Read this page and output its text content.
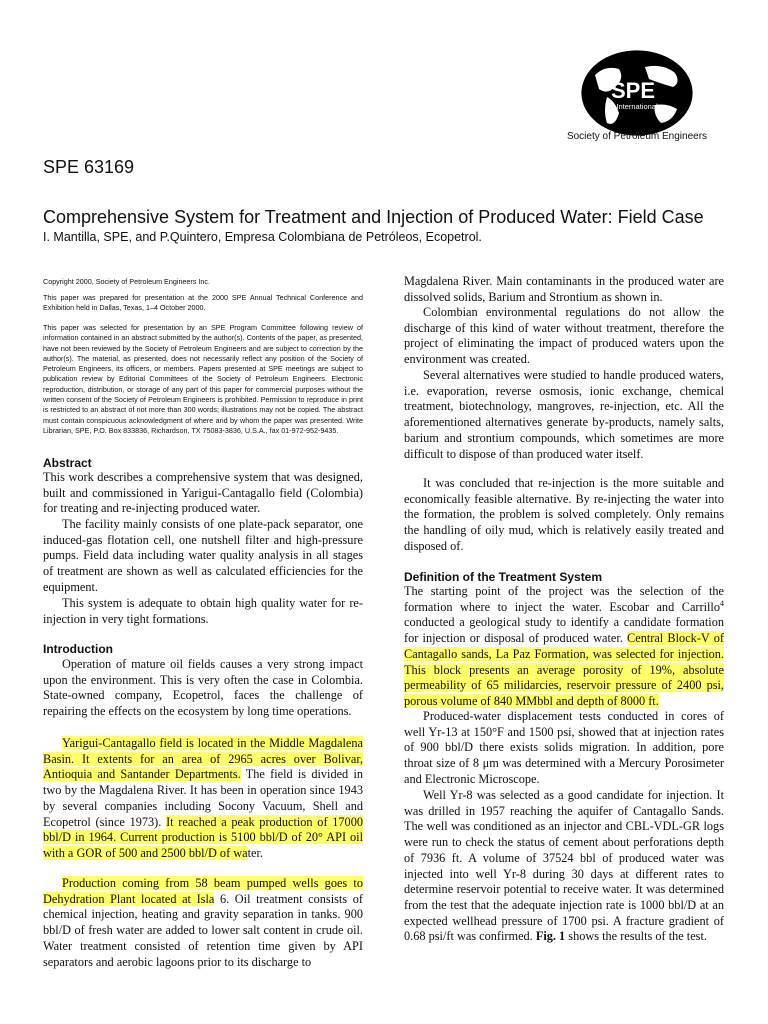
SPE
International
Society of Petroleum Engineers
SPE 63169
Comprehensive System for Treatment and Injection of Produced Water: Field Case
I. Mantilla, SPE, and P.Quintero, Empresa Colombiana de Petróleos, Ecopetrol.
Copyright 2000, Society of Petroleum Engineers Inc.
This paper was prepared for presentation at the 2000 SPE Annual Technical Conference and Exhibition held in Dallas, Texas, 1–4 October 2000.
This paper was selected for presentation by an SPE Program Committee following review of information contained in an abstract submitted by the author(s). Contents of the paper, as presented, have not been reviewed by the Society of Petroleum Engineers and are subject to correction by the author(s). The material, as presented, does not necessarily reflect any position of the Society of Petroleum Engineers, its officers, or members. Papers presented at SPE meetings are subject to publication review by Editorial Committees of the Society of Petroleum Engineers. Electronic reproduction, distribution, or storage of any part of this paper for commercial purposes without the written consent of the Society of Petroleum Engineers is prohibited. Permission to reproduce in print is restricted to an abstract of not more than 300 words; illustrations may not be copied. The abstract must contain conspicuous acknowledgment of where and by whom the paper was presented. Write Librarian, SPE, P.O. Box 833836, Richardson, TX 75083-3836, U.S.A., fax 01-972-952-9435.
Abstract

This work describes a comprehensive system that was designed, built and commissioned in Yarigui-Cantagallo field (Colombia) for treating and re-injecting produced water.

The facility mainly consists of one plate-pack separator, one induced-gas flotation cell, one nutshell filter and high-pressure pumps. Field data including water quality analysis in all stages of treatment are shown as well as calculated efficiencies for the equipment.

This system is adequate to obtain high quality water for re-injection in very tight formations.

Introduction

Operation of mature oil fields causes a very strong impact upon the environment. This is very often the case in Colombia. State-owned company, Ecopetrol, faces the challenge of repairing the effects on the ecosystem by long time operations.

Yarigui-Cantagallo field is located in the Middle Magdalena Basin. It extents for an area of 2965 acres over Bolivar, Antioquia and Santander Departments. The field is divided in two by the Magdalena River. It has been in operation since 1943 by several companies including Socony Vacuum, Shell and Ecopetrol (since 1973). It reached a peak production of 17000 bbl/D in 1964. Current production is 5100 bbl/D of 20° API oil with a GOR of 500 and 2500 bbl/D of water.

Production coming from 58 beam pumped wells goes to Dehydration Plant located at Isla 6. Oil treatment consists of chemical injection, heating and gravity separation in tanks. 900 bbl/D of fresh water are added to lower salt content in crude oil. Water treatment consisted of retention time given by API separators and aerobic lagoons prior to its discharge to

Magdalena River. Main contaminants in the produced water are dissolved solids, Barium and Strontium as shown in.

Colombian environmental regulations do not allow the discharge of this kind of water without treatment, therefore the project of eliminating the impact of produced waters upon the environment was created.

Several alternatives were studied to handle produced waters, i.e. evaporation, reverse osmosis, ionic exchange, chemical treatment, biotechnology, mangroves, re-injection, etc. All the aforementioned alternatives generate by-products, namely salts, barium and strontium compounds, which sometimes are more difficult to dispose of than produced water itself.

It was concluded that re-injection is the more suitable and economically feasible alternative. By re-injecting the water into the formation, the problem is solved completely. Only remains the handling of oily mud, which is relatively easily treated and disposed of.

Definition of the Treatment System

The starting point of the project was the selection of the formation where to inject the water. Escobar and Carrillo$^4$ conducted a geological study to identify a candidate formation for injection or disposal of produced water. Central Block-V of Cantagallo sands, La Paz Formation, was selected for injection. This block presents an average porosity of 19%, absolute permeability of 65 milidarcies, reservoir pressure of 2400 psi, porous volume of 840 MMbbl and depth of 8000 ft.

Produced-water displacement tests conducted in cores of well Yr-13 at 150°F and 1500 psi, showed that at injection rates of 900 bbl/D there exists solids migration. In addition, pore throat size of 8 μm was determined with a Mercury Porosimeter and Electronic Microscope.

Well Yr-8 was selected as a good candidate for injection. It was drilled in 1957 reaching the aquifer of Cantagallo Sands. The well was conditioned as an injector and CBL-VDL-GR logs were run to check the status of cement about perforations depth of 7936 ft. A volume of 37524 bbl of produced water was injected into well Yr-8 during 30 days at different rates to determine reservoir potential to receive water. It was determined from the test that the adequate injection rate is 1000 bbl/D at an expected wellhead pressure of 1700 psi. A fracture gradient of 0.68 psi/ft was confirmed. Fig. 1 shows the results of the test.
